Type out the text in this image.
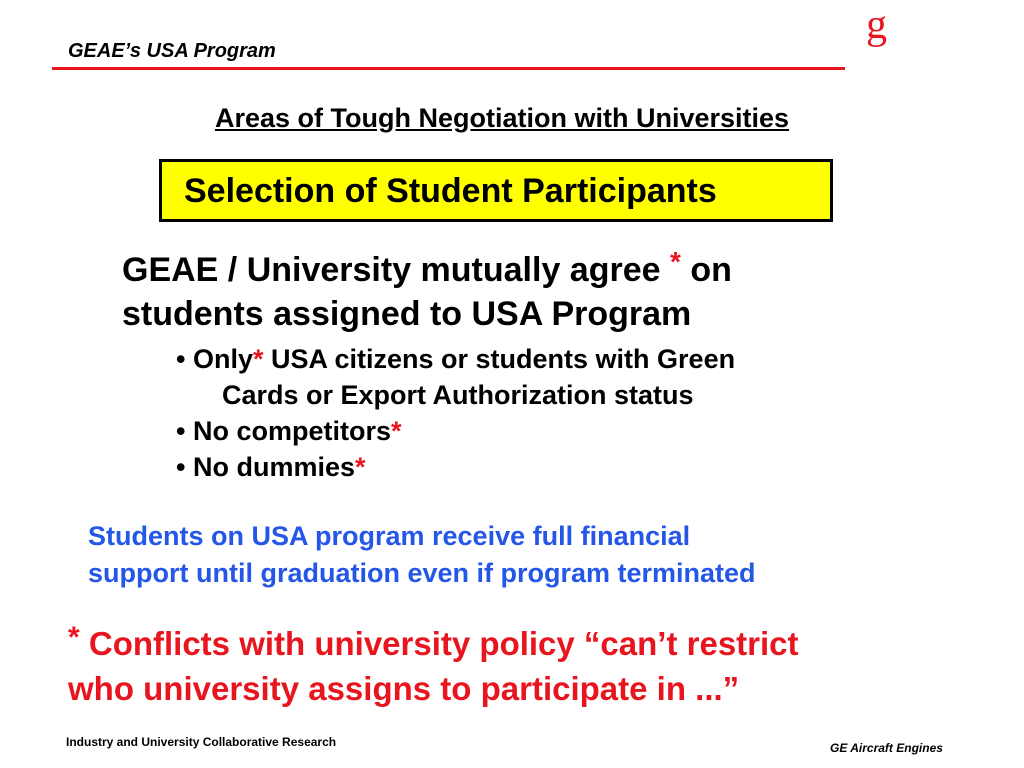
GEAE’s USA Program
g
Areas of Tough Negotiation with Universities
Selection of Student Participants
GEAE / University mutually agree * on
students assigned to USA Program
• Only* USA citizens or students with Green
Cards or Export Authorization status
• No competitors*
• No dummies*
Students on USA program receive full financial
support until graduation even if program terminated
* Conflicts with university policy “can’t restrict
who university assigns to participate in ...”
Industry and University Collaborative Research	GE Aircraft Engines
